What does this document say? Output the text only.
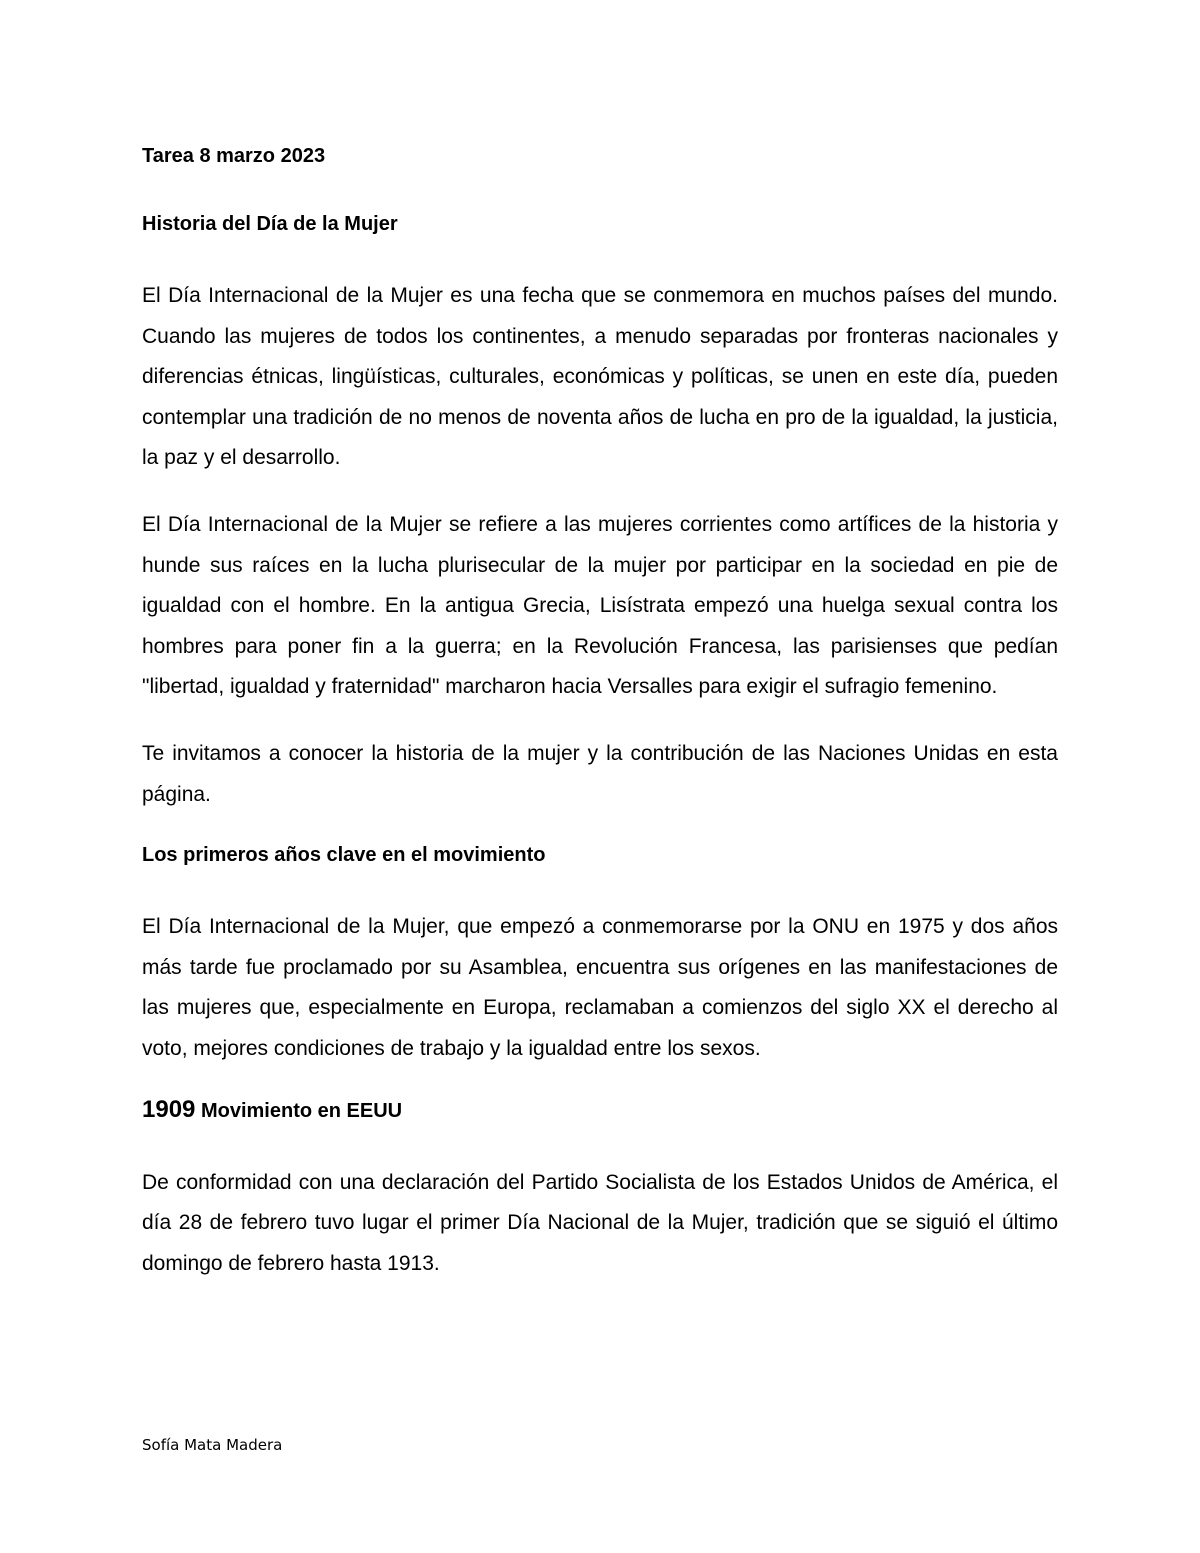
Tarea 8 marzo 2023
Historia del Día de la Mujer

El Día Internacional de la Mujer es una fecha que se conmemora en muchos países del mundo. Cuando las mujeres de todos los continentes, a menudo separadas por fronteras nacionales y diferencias étnicas, lingüísticas, culturales, económicas y políticas, se unen en este día, pueden contemplar una tradición de no menos de noventa años de lucha en pro de la igualdad, la justicia, la paz y el desarrollo.

El Día Internacional de la Mujer se refiere a las mujeres corrientes como artífices de la historia y hunde sus raíces en la lucha plurisecular de la mujer por participar en la sociedad en pie de igualdad con el hombre. En la antigua Grecia, Lisístrata empezó una huelga sexual contra los hombres para poner fin a la guerra; en la Revolución Francesa, las parisienses que pedían "libertad, igualdad y fraternidad" marcharon hacia Versalles para exigir el sufragio femenino.

Te invitamos a conocer la historia de la mujer y la contribución de las Naciones Unidas en esta página.

Los primeros años clave en el movimiento

El Día Internacional de la Mujer, que empezó a conmemorarse por la ONU en 1975 y dos años más tarde fue proclamado por su Asamblea, encuentra sus orígenes en las manifestaciones de las mujeres que, especialmente en Europa, reclamaban a comienzos del siglo XX el derecho al voto, mejores condiciones de trabajo y la igualdad entre los sexos.

1909 Movimiento en EEUU

De conformidad con una declaración del Partido Socialista de los Estados Unidos de América, el día 28 de febrero tuvo lugar el primer Día Nacional de la Mujer, tradición que se siguió el último domingo de febrero hasta 1913.

Sofía Mata Madera
